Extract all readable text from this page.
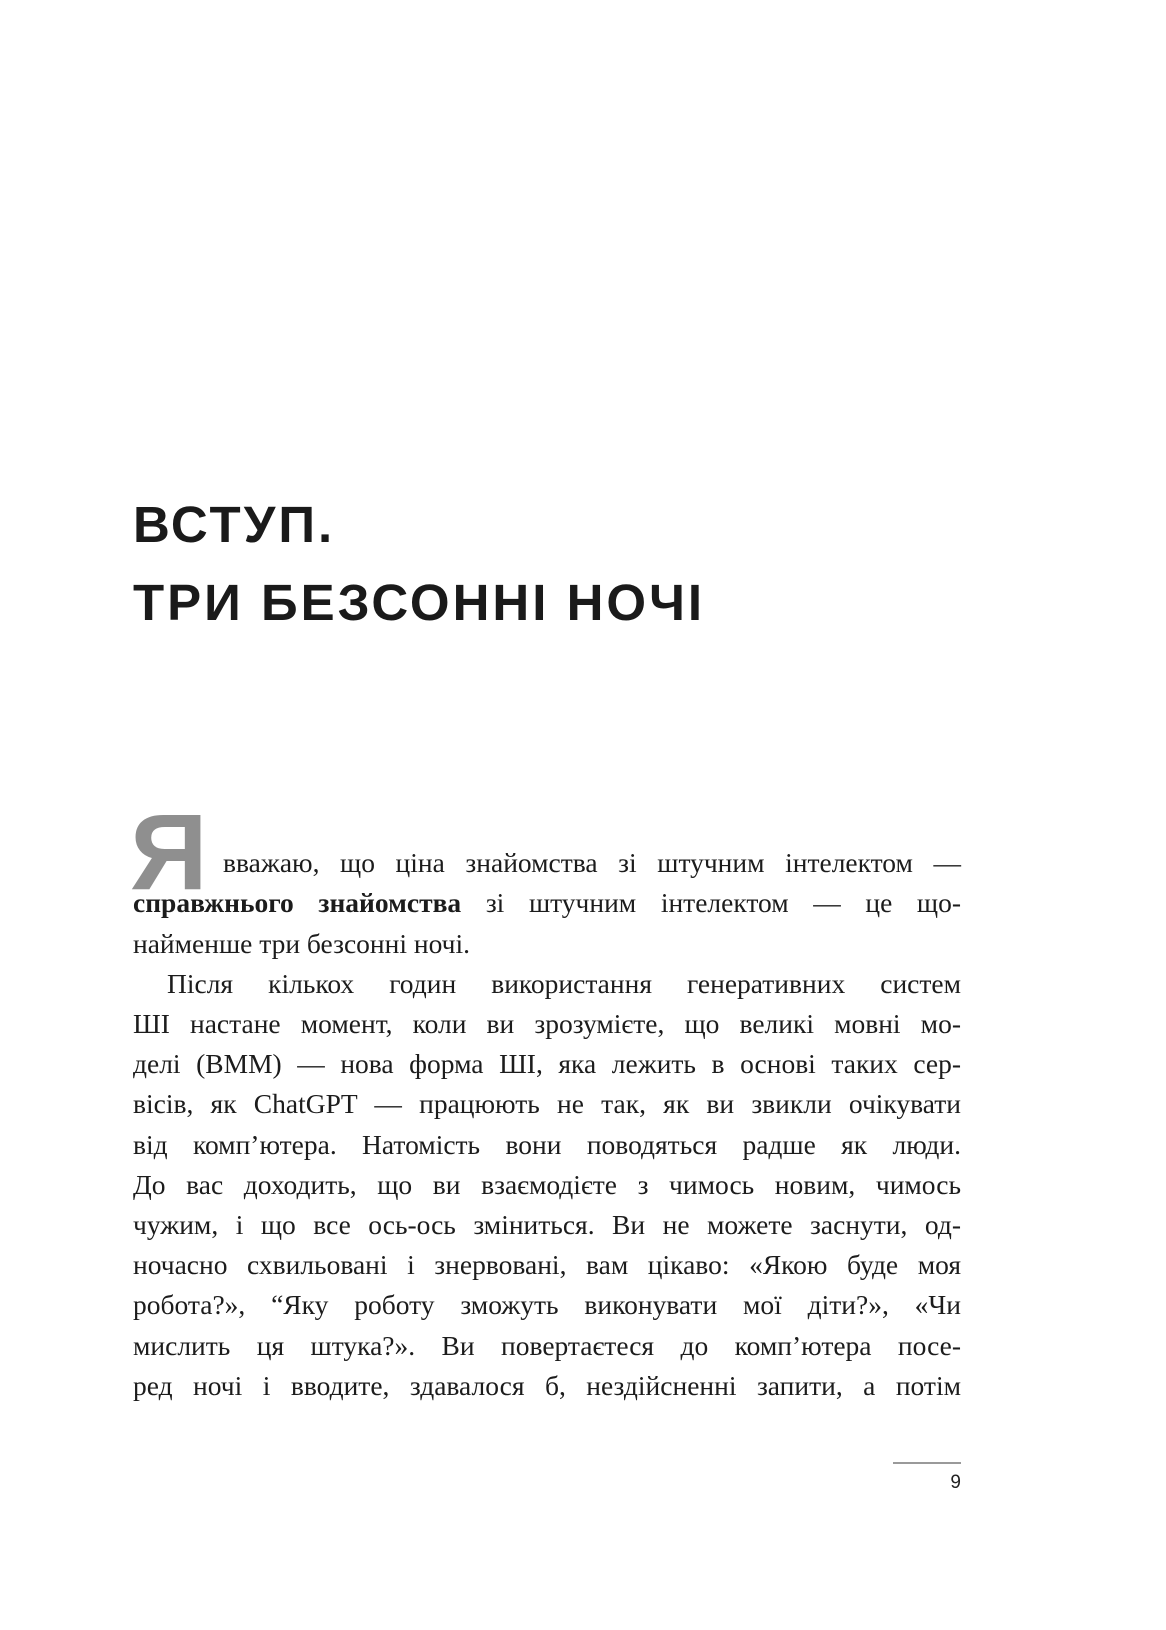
ВСТУП.
ТРИ БЕЗСОННІ НОЧІ
Я вважаю, що ціна знайомства зі штучним інтелектом —
справжнього знайомства зі штучним інтелектом — це що-
найменше три безсонні ночі.
Після кількох годин використання генеративних систем
ШІ настане момент, коли ви зрозумієте, що великі мовні мо-
делі (ВММ) — нова форма ШІ, яка лежить в основі таких сер-
вісів, як ChatGPT — працюють не так, як ви звикли очікувати
від комп’ютера. Натомість вони поводяться радше як люди.
До вас доходить, що ви взаємодієте з чимось новим, чимось
чужим, і що все ось-ось зміниться. Ви не можете заснути, од-
ночасно схвильовані і знервовані, вам цікаво: «Якою буде моя
робота?», “Яку роботу зможуть виконувати мої діти?», «Чи
мислить ця штука?». Ви повертаєтеся до комп’ютера посе-
ред ночі і вводите, здавалося б, нездійсненні запити, а потім
9
